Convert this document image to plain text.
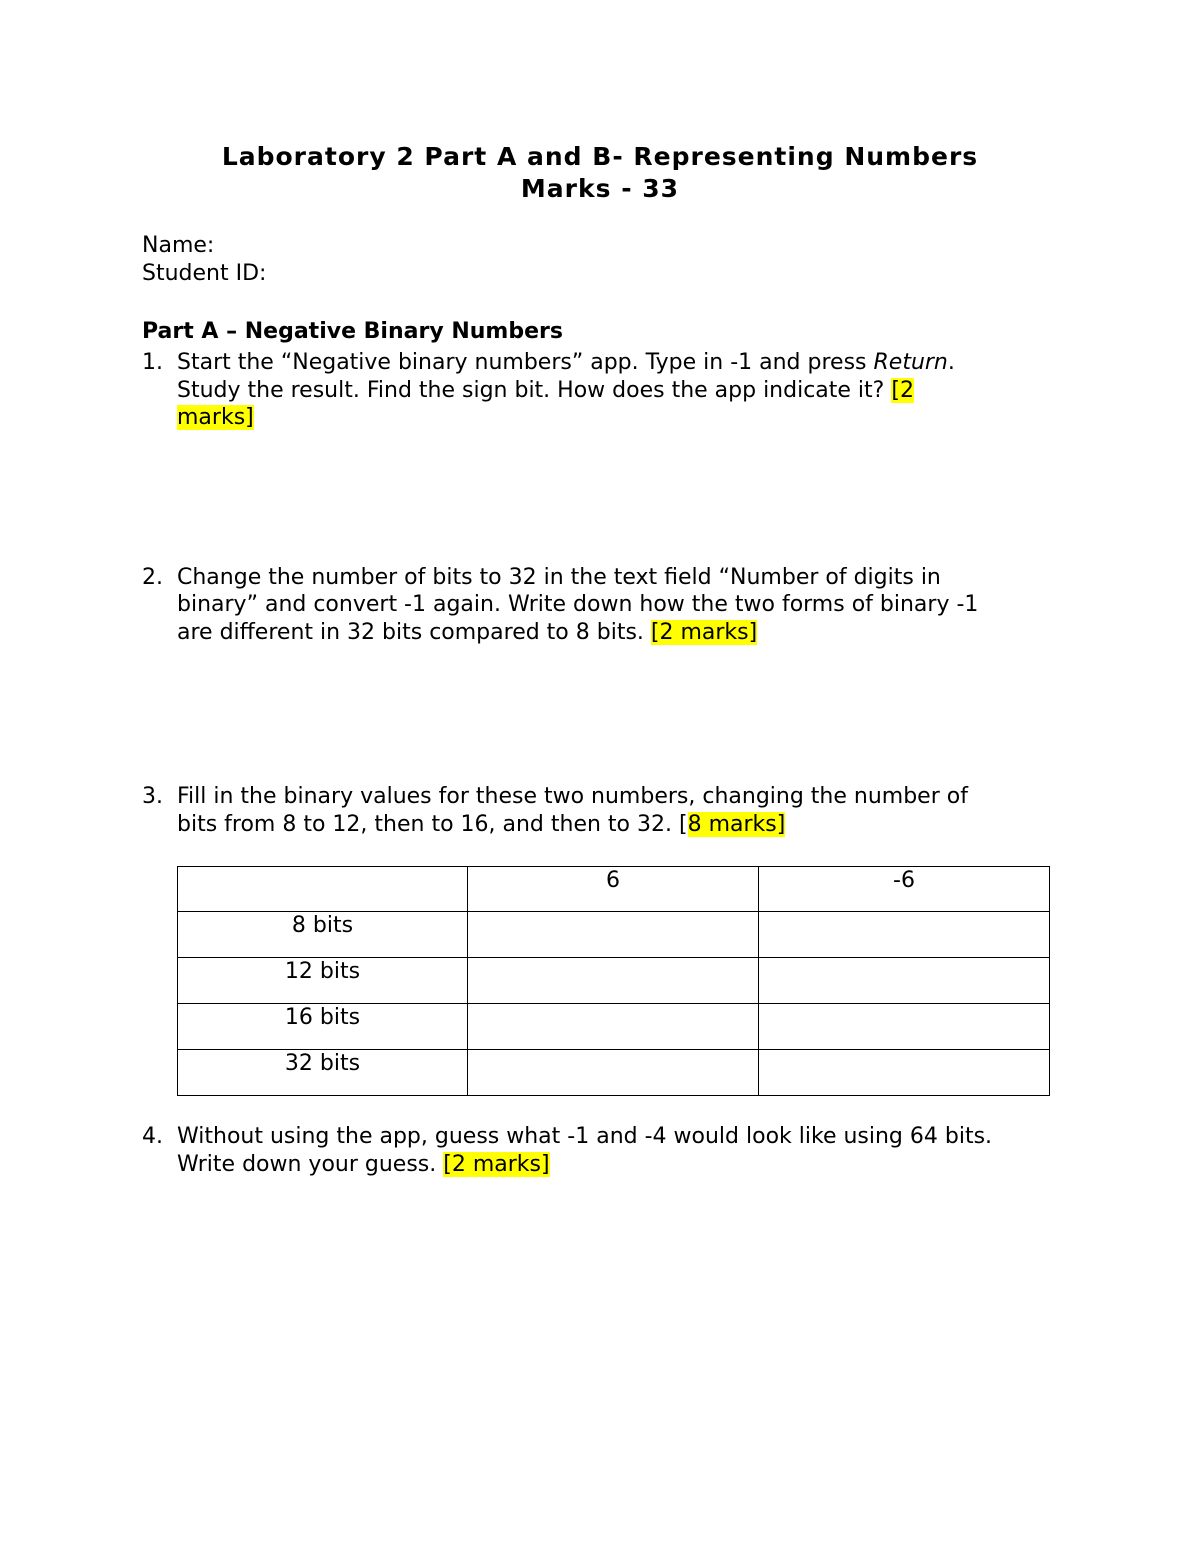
Laboratory 2 Part A and B- Representing Numbers
Marks - 33
Name:
Student ID:
Part A – Negative Binary Numbers
1. Start the “Negative binary numbers” app. Type in -1 and press Return.
Study the result. Find the sign bit. How does the app indicate it? [2
marks]
2. Change the number of bits to 32 in the text field “Number of digits in
binary” and convert -1 again. Write down how the two forms of binary -1
are different in 32 bits compared to 8 bits. [2 marks]
3. Fill in the binary values for these two numbers, changing the number of
bits from 8 to 12, then to 16, and then to 32. [8 marks]
	6	-6
8 bits		
12 bits		
16 bits		
32 bits		
4. Without using the app, guess what -1 and -4 would look like using 64 bits.
Write down your guess. [2 marks]
